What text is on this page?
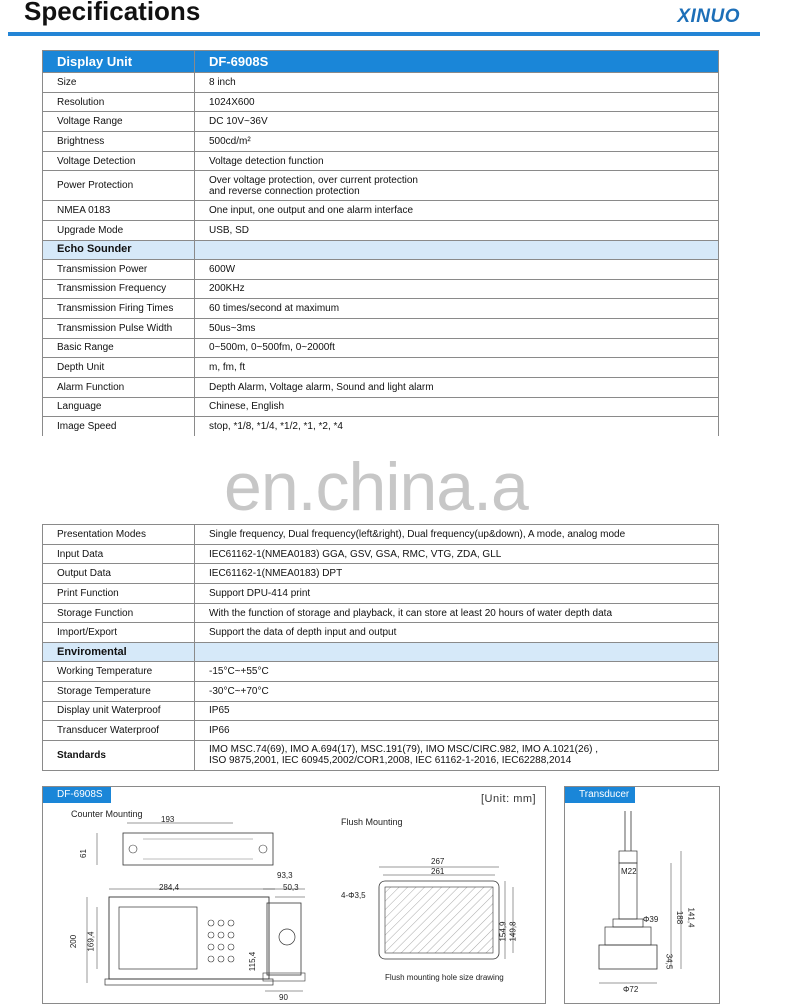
Specifications	XINUO
Display Unit	DF-6908S
Size	8 inch
Resolution	1024X600
Voltage Range	DC 10V~36V
Brightness	500cd/m²
Voltage Detection	Voltage detection function
Power Protection	Over voltage protection, over current protection
and reverse connection protection

NMEA 0183	One input, one output and one alarm interface
Upgrade Mode	USB, SD
Echo Sounder	
Transmission Power	600W
Transmission Frequency	200KHz
Transmission Firing Times	60 times/second at maximum
Transmission Pulse Width	50us~3ms
Basic Range	0~500m, 0~500fm, 0~2000ft
Depth Unit	m, fm, ft
Alarm Function	Depth Alarm, Voltage alarm, Sound and light alarm
Language	Chinese, English
Image Speed	stop, *1/8, *1/4, *1/2, *1, *2, *4

Presentation Modes	Single frequency, Dual frequency(left&right), Dual frequency(up&down), A mode, analog mode
Input Data	IEC61162-1(NMEA0183) GGA, GSV, GSA, RMC, VTG, ZDA, GLL
Output Data	IEC61162-1(NMEA0183) DPT
Print Function	Support DPU-414 print
Storage Function	With the function of storage and playback, it can store at least 20 hours of water depth data
Import/Export	Support the data of depth input and output
Enviromental	
Working Temperature	-15°C~+55°C
Storage Temperature	-30°C~+70°C
Display unit Waterproof	IP65
Transducer Waterproof	IP66
Standards	IMO MSC.74(69), IMO A.694(17), MSC.191(79), IMO MSC/CIRC.982, IMO A.1021(26) ,
ISO 9875,2001, IEC 60945,2002/COR1,2008, IEC 61162-1-2016, IEC62288,2014
en.china.a
DF-6908S	[Unit: mm]
Counter Mounting
Flush Mounting
193
61
284,4
200 169,4
93,3
50,3
115,4
90
267
261
4-Φ3,5
154,9 149,8
Flush mounting hole size drawing
Transducer
M22
Φ39 188 141,4
34,5
Φ72
